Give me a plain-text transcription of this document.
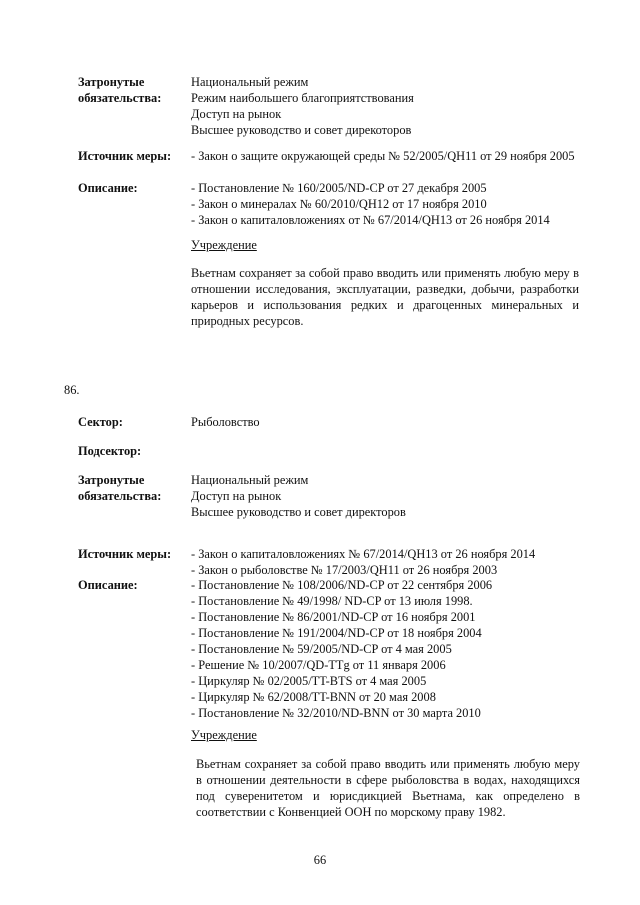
Затронутые
обязательства:
Национальный режим
Режим наибольшего благоприятствования
Доступ на рынок
Высшее руководство и совет дирекоторов
Источник меры:	- Закон о защите окружающей среды № 52/2005/QH11 от 29 ноября 2005
Описание:	- Постановление № 160/2005/ND-CP от 27 декабря 2005
- Закон о минералах № 60/2010/QH12 от 17 ноября 2010
- Закон о капиталовложениях от № 67/2014/QH13 от 26 ноября 2014
Учреждение
Вьетнам сохраняет за собой право вводить или применять любую меру в отношении исследования, эксплуатации, разведки, добычи, разработки карьеров и использования редких и драгоценных минеральных и природных ресурсов.
86.
Сектор:	Рыболовство
Подсектор:
Затронутые
обязательства:
Национальный режим
Доступ на рынок
Высшее руководство и совет директоров
Источник меры:	- Закон о капиталовложениях № 67/2014/QH13 от 26 ноября 2014
- Закон о рыболовстве № 17/2003/QH11 от 26 ноября 2003
Описание:	- Постановление № 108/2006/ND-CP от 22 сентября 2006
- Постановление № 49/1998/ ND-CP от 13 июля 1998.
- Постановление № 86/2001/ND-CP от 16 ноября 2001
- Постановление № 191/2004/ND-CP от 18 ноября 2004
- Постановление № 59/2005/ND-CP от 4 мая 2005
- Решение № 10/2007/QD-TTg от 11 января 2006
- Циркуляр № 02/2005/TT-BTS от 4 мая 2005
- Циркуляр № 62/2008/TT-BNN от 20 мая 2008
- Постановление № 32/2010/ND-BNN от 30 марта 2010
Учреждение
Вьетнам сохраняет за собой право вводить или применять любую меру в отношении деятельности в сфере рыболовства в водах, находящихся под суверенитетом и юрисдикцией Вьетнама, как определено в соответствии с Конвенцией ООН по морскому праву 1982.
66
